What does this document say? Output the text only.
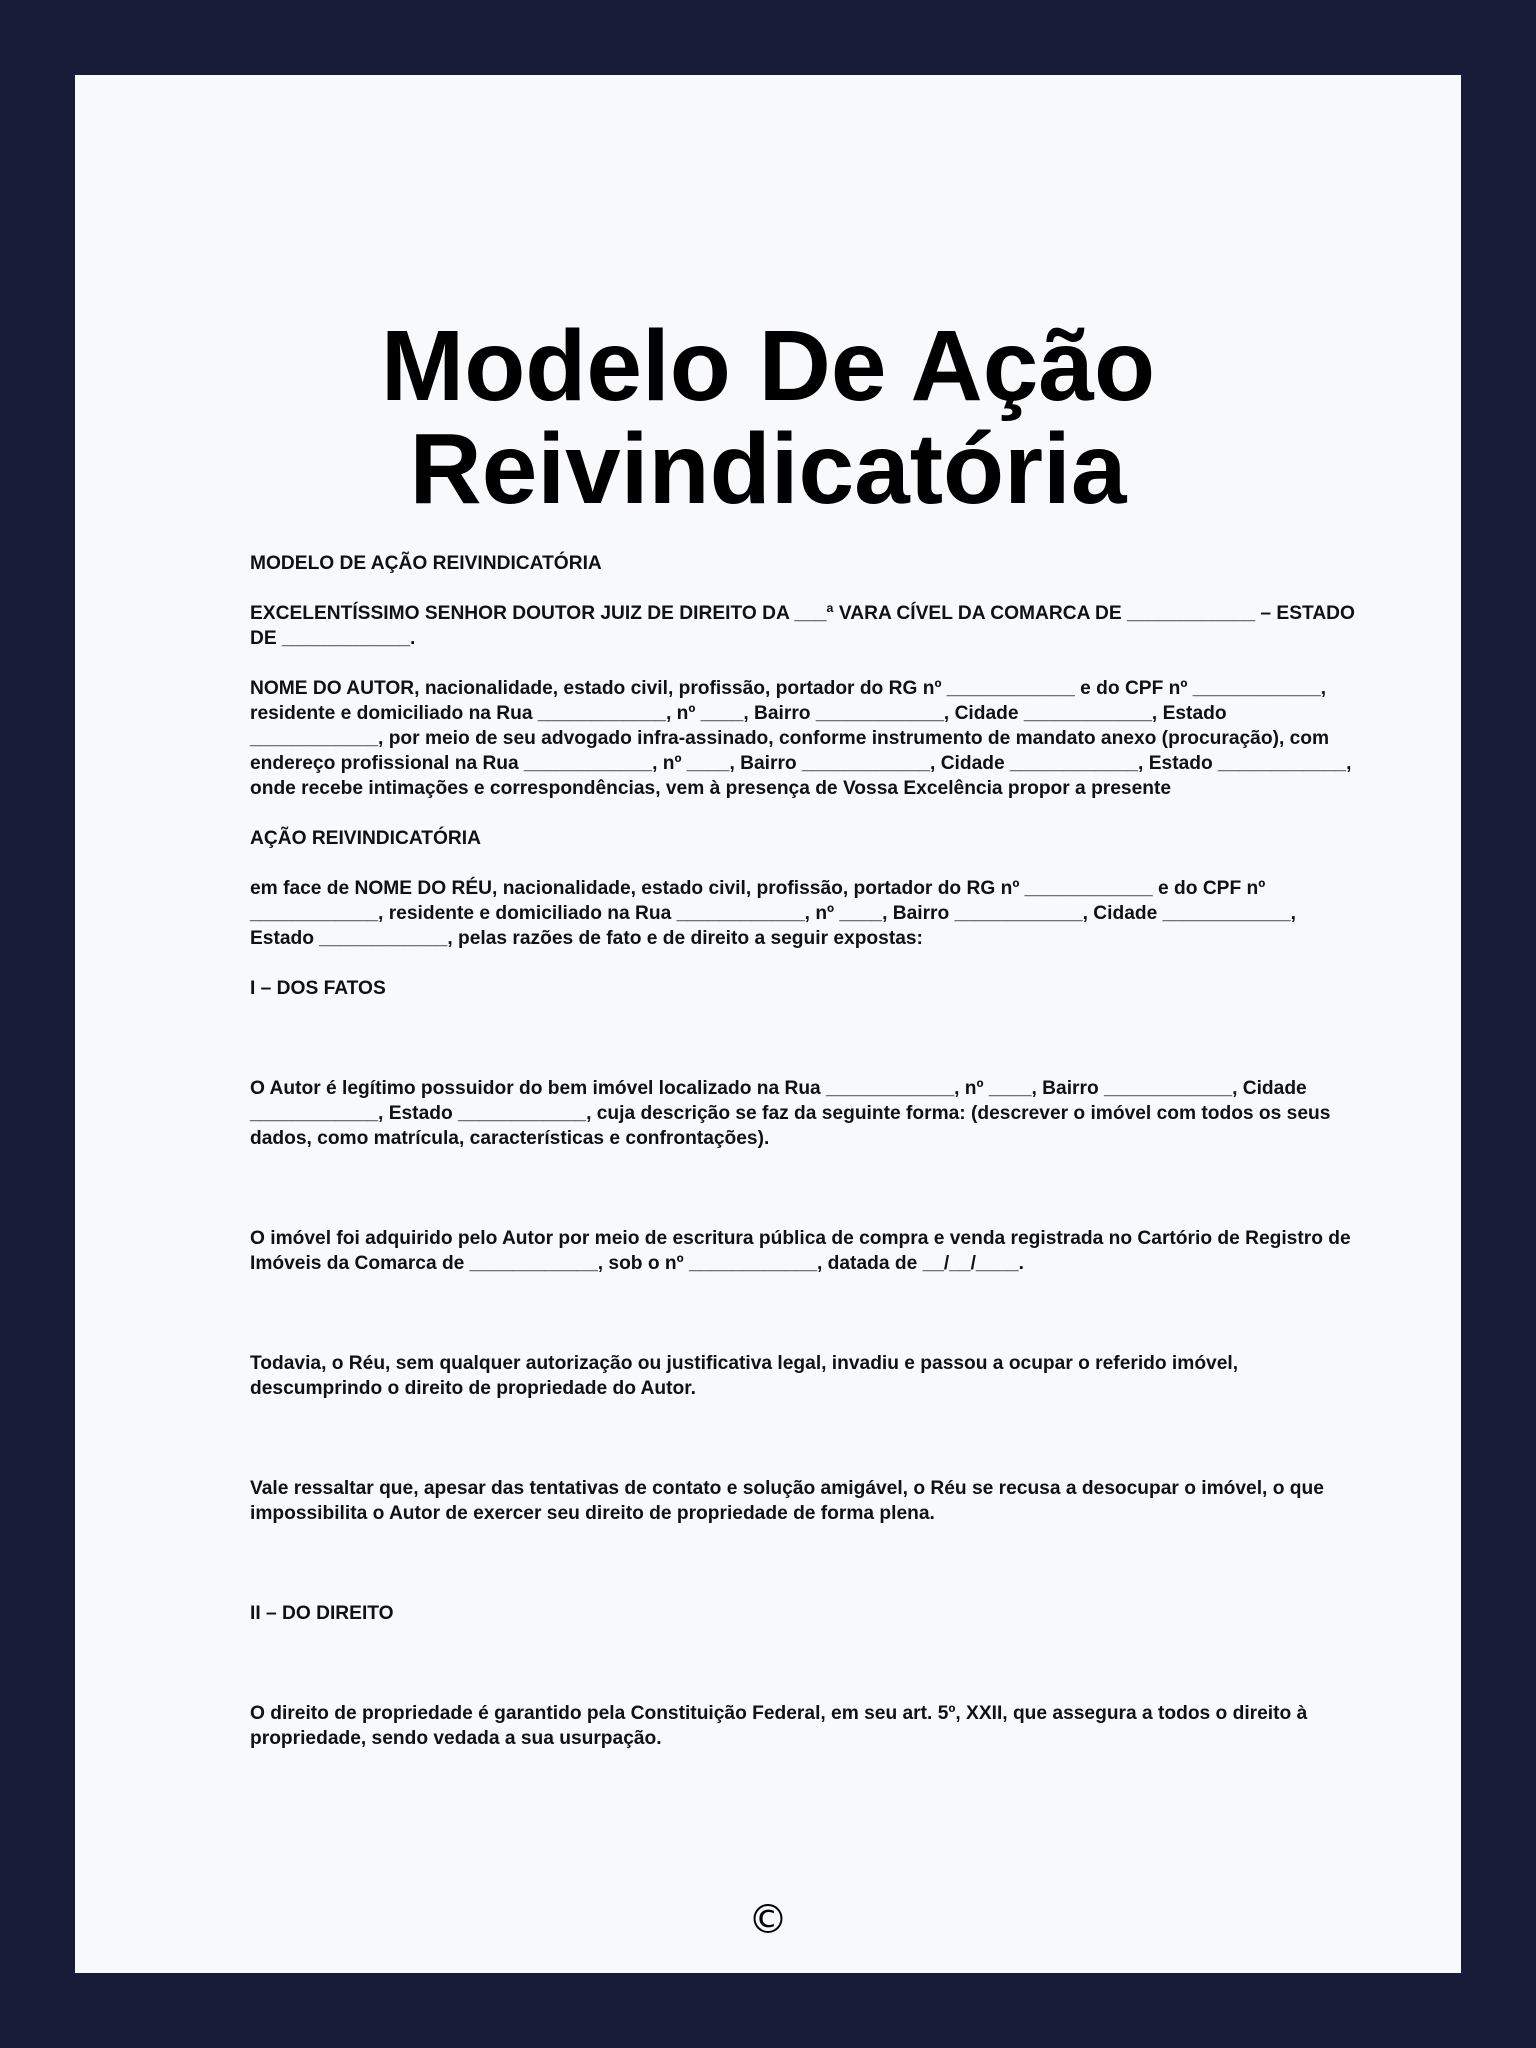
Modelo De Ação
Reivindicatória

MODELO DE AÇÃO REIVINDICATÓRIA

EXCELENTÍSSIMO SENHOR DOUTOR JUIZ DE DIREITO DA ___ª VARA CÍVEL DA COMARCA DE ____________ – ESTADO DE ____________.

NOME DO AUTOR, nacionalidade, estado civil, profissão, portador do RG nº ____________ e do CPF nº ____________, residente e domiciliado na Rua ____________, nº ____, Bairro ____________, Cidade ____________, Estado ____________, por meio de seu advogado infra-assinado, conforme instrumento de mandato anexo (procuração), com endereço profissional na Rua ____________, nº ____, Bairro ____________, Cidade ____________, Estado ____________, onde recebe intimações e correspondências, vem à presença de Vossa Excelência propor a presente

AÇÃO REIVINDICATÓRIA

em face de NOME DO RÉU, nacionalidade, estado civil, profissão, portador do RG nº ____________ e do CPF nº ____________, residente e domiciliado na Rua ____________, nº ____, Bairro ____________, Cidade ____________, Estado ____________, pelas razões de fato e de direito a seguir expostas:

I – DOS FATOS

O Autor é legítimo possuidor do bem imóvel localizado na Rua ____________, nº ____, Bairro ____________, Cidade ____________, Estado ____________, cuja descrição se faz da seguinte forma: (descrever o imóvel com todos os seus dados, como matrícula, características e confrontações).

O imóvel foi adquirido pelo Autor por meio de escritura pública de compra e venda registrada no Cartório de Registro de Imóveis da Comarca de ____________, sob o nº ____________, datada de __/__/____.

Todavia, o Réu, sem qualquer autorização ou justificativa legal, invadiu e passou a ocupar o referido imóvel, descumprindo o direito de propriedade do Autor.

Vale ressaltar que, apesar das tentativas de contato e solução amigável, o Réu se recusa a desocupar o imóvel, o que impossibilita o Autor de exercer seu direito de propriedade de forma plena.

II – DO DIREITO

O direito de propriedade é garantido pela Constituição Federal, em seu art. 5º, XXII, que assegura a todos o direito à propriedade, sendo vedada a sua usurpação.

©
